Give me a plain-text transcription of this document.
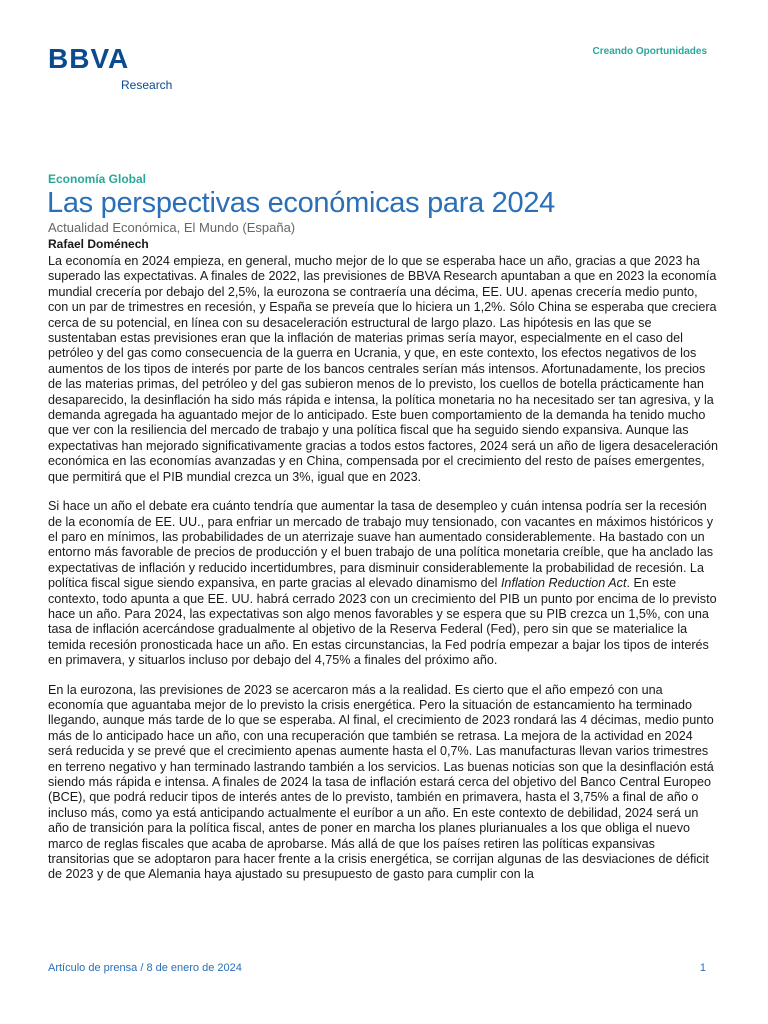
BBVA
Research
Creando Oportunidades
Economía Global
Las perspectivas económicas para 2024
Actualidad Económica, El Mundo (España)
Rafael Doménech

La economía en 2024 empieza, en general, mucho mejor de lo que se esperaba hace un año, gracias a que 2023 ha superado las expectativas. A finales de 2022, las previsiones de BBVA Research apuntaban a que en 2023 la economía mundial crecería por debajo del 2,5%, la eurozona se contraería una décima, EE. UU. apenas crecería medio punto, con un par de trimestres en recesión, y España se preveía que lo hiciera un 1,2%. Sólo China se esperaba que creciera cerca de su potencial, en línea con su desaceleración estructural de largo plazo. Las hipótesis en las que se sustentaban estas previsiones eran que la inflación de materias primas sería mayor, especialmente en el caso del petróleo y del gas como consecuencia de la guerra en Ucrania, y que, en este contexto, los efectos negativos de los aumentos de los tipos de interés por parte de los bancos centrales serían más intensos. Afortunadamente, los precios de las materias primas, del petróleo y del gas subieron menos de lo previsto, los cuellos de botella prácticamente han desaparecido, la desinflación ha sido más rápida e intensa, la política monetaria no ha necesitado ser tan agresiva, y la demanda agregada ha aguantado mejor de lo anticipado. Este buen comportamiento de la demanda ha tenido mucho que ver con la resiliencia del mercado de trabajo y una política fiscal que ha seguido siendo expansiva. Aunque las expectativas han mejorado significativamente gracias a todos estos factores, 2024 será un año de ligera desaceleración económica en las economías avanzadas y en China, compensada por el crecimiento del resto de países emergentes, que permitirá que el PIB mundial crezca un 3%, igual que en 2023.

Si hace un año el debate era cuánto tendría que aumentar la tasa de desempleo y cuán intensa podría ser la recesión de la economía de EE. UU., para enfriar un mercado de trabajo muy tensionado, con vacantes en máximos históricos y el paro en mínimos, las probabilidades de un aterrizaje suave han aumentado considerablemente. Ha bastado con un entorno más favorable de precios de producción y el buen trabajo de una política monetaria creíble, que ha anclado las expectativas de inflación y reducido incertidumbres, para disminuir considerablemente la probabilidad de recesión. La política fiscal sigue siendo expansiva, en parte gracias al elevado dinamismo del Inflation Reduction Act. En este contexto, todo apunta a que EE. UU. habrá cerrado 2023 con un crecimiento del PIB un punto por encima de lo previsto hace un año. Para 2024, las expectativas son algo menos favorables y se espera que su PIB crezca un 1,5%, con una tasa de inflación acercándose gradualmente al objetivo de la Reserva Federal (Fed), pero sin que se materialice la temida recesión pronosticada hace un año. En estas circunstancias, la Fed podría empezar a bajar los tipos de interés en primavera, y situarlos incluso por debajo del 4,75% a finales del próximo año.

En la eurozona, las previsiones de 2023 se acercaron más a la realidad. Es cierto que el año empezó con una economía que aguantaba mejor de lo previsto la crisis energética. Pero la situación de estancamiento ha terminado llegando, aunque más tarde de lo que se esperaba. Al final, el crecimiento de 2023 rondará las 4 décimas, medio punto más de lo anticipado hace un año, con una recuperación que también se retrasa. La mejora de la actividad en 2024 será reducida y se prevé que el crecimiento apenas aumente hasta el 0,7%. Las manufacturas llevan varios trimestres en terreno negativo y han terminado lastrando también a los servicios. Las buenas noticias son que la desinflación está siendo más rápida e intensa. A finales de 2024 la tasa de inflación estará cerca del objetivo del Banco Central Europeo (BCE), que podrá reducir tipos de interés antes de lo previsto, también en primavera, hasta el 3,75% a final de año o incluso más, como ya está anticipando actualmente el euríbor a un año. En este contexto de debilidad, 2024 será un año de transición para la política fiscal, antes de poner en marcha los planes plurianuales a los que obliga el nuevo marco de reglas fiscales que acaba de aprobarse. Más allá de que los países retiren las políticas expansivas transitorias que se adoptaron para hacer frente a la crisis energética, se corrijan algunas de las desviaciones de déficit de 2023 y de que Alemania haya ajustado su presupuesto de gasto para cumplir con la

Artículo de prensa / 8 de enero de 2024	1
